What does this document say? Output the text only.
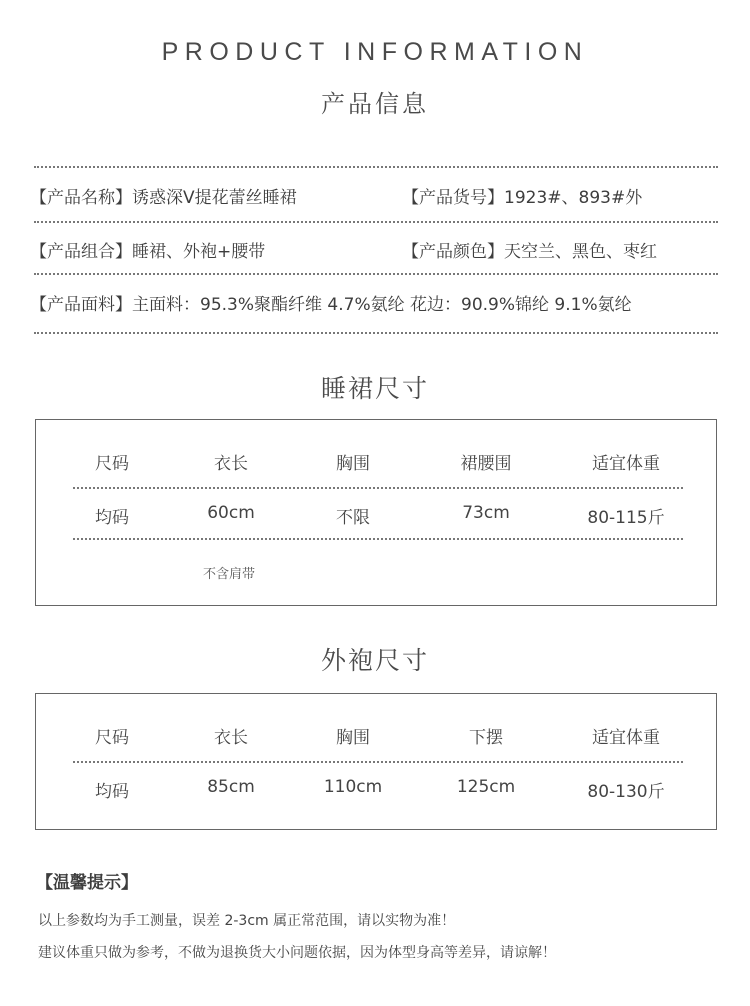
PRODUCT INFORMATION
产品信息
【产品名称】诱惑深V提花蕾丝睡裙	【产品货号】1923#、893#外
【产品组合】睡裙、外袍+腰带	【产品颜色】天空兰、黑色、枣红
【产品面料】主面料：95.3%聚酯纤维 4.7%氨纶 花边：90.9%锦纶 9.1%氨纶
睡裙尺寸
尺码	衣长	胸围	裙腰围	适宜体重
均码	60cm	不限	73cm	80-115斤
不含肩带
外袍尺寸
尺码	衣长	胸围	下摆	适宜体重
均码	85cm	110cm	125cm	80-130斤
【温馨提示】
以上参数均为手工测量，误差 2-3cm 属正常范围，请以实物为准！
建议体重只做为参考，不做为退换货大小问题依据，因为体型身高等差异，请谅解！
